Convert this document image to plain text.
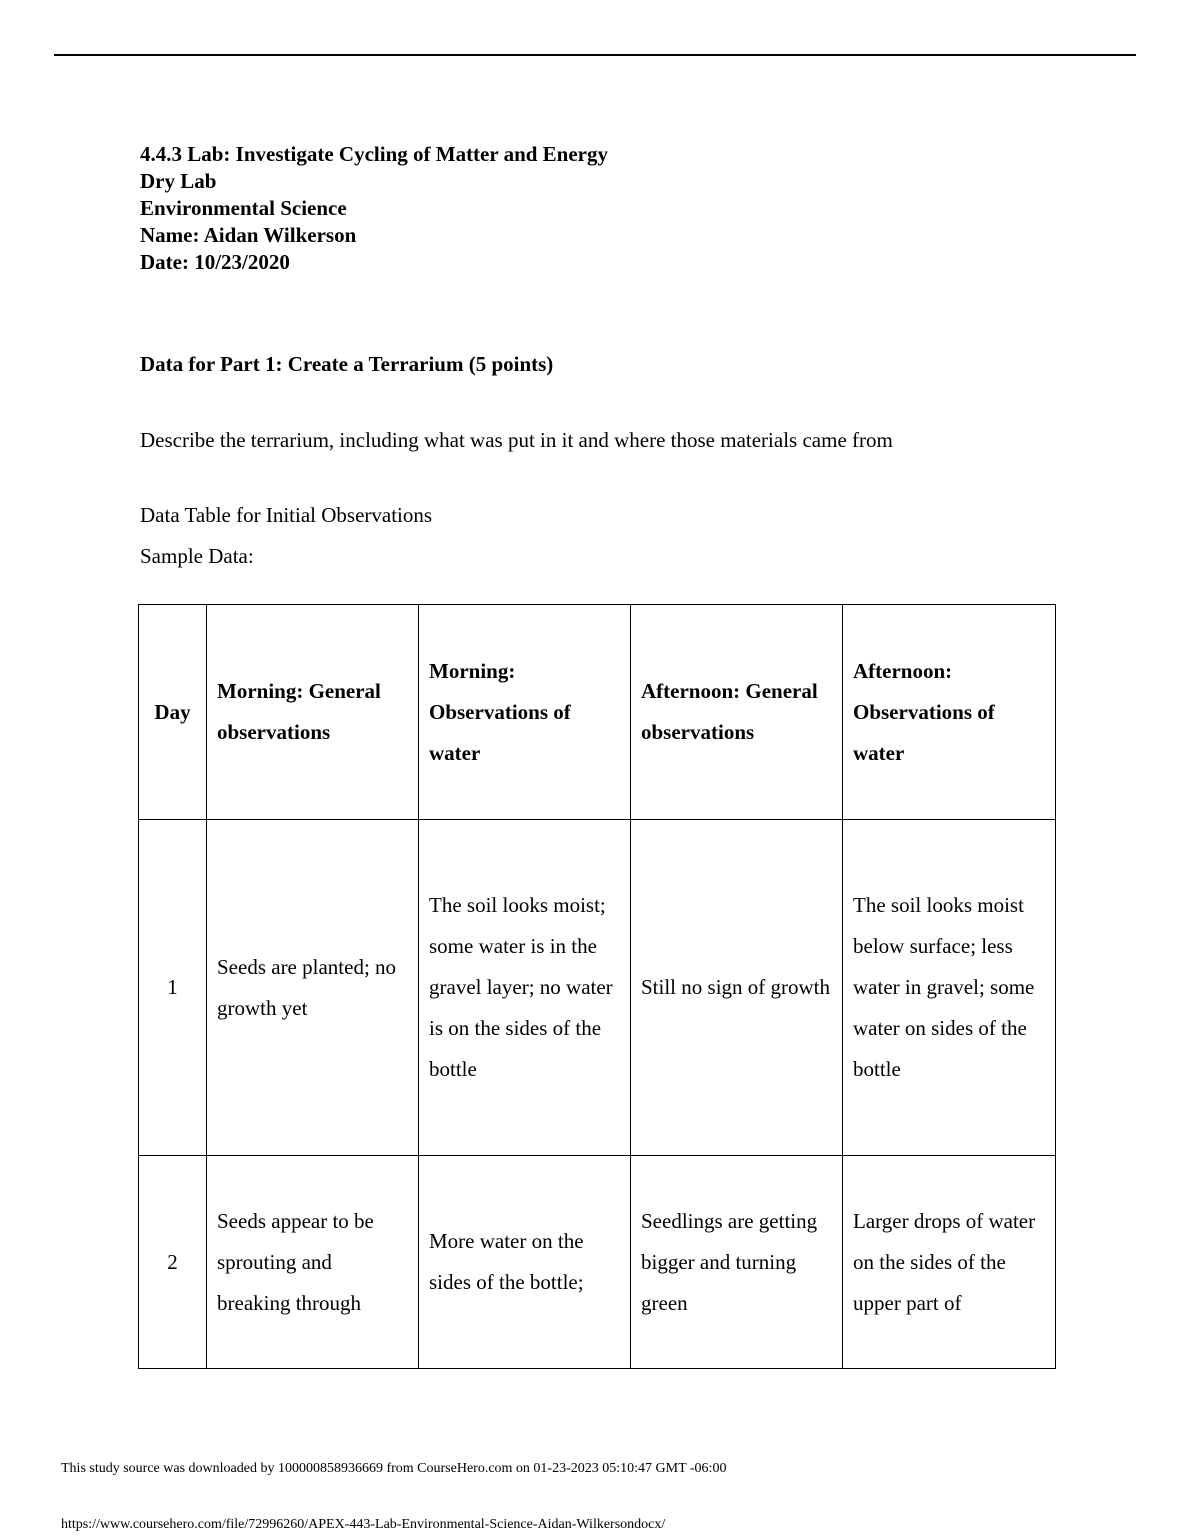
4.4.3 Lab: Investigate Cycling of Matter and Energy
Dry Lab
Environmental Science
Name: Aidan Wilkerson
Date: 10/23/2020
Data for Part 1: Create a Terrarium (5 points)
Describe the terrarium, including what was put in it and where those materials came from
Data Table for Initial Observations
Sample Data:
Day	Morning: General observations	Morning: Observations of water	Afternoon: General observations	Afternoon: Observations of water
1	Seeds are planted; no growth yet	The soil looks moist; some water is in the gravel layer; no water is on the sides of the bottle	Still no sign of growth	The soil looks moist below surface; less water in gravel; some water on sides of the bottle
2	Seeds appear to be sprouting and breaking through	More water on the sides of the bottle;	Seedlings are getting bigger and turning green	Larger drops of water on the sides of the upper part of
This study source was downloaded by 100000858936669 from CourseHero.com on 01-23-2023 05:10:47 GMT -06:00
https://www.coursehero.com/file/72996260/APEX-443-Lab-Environmental-Science-Aidan-Wilkersondocx/
